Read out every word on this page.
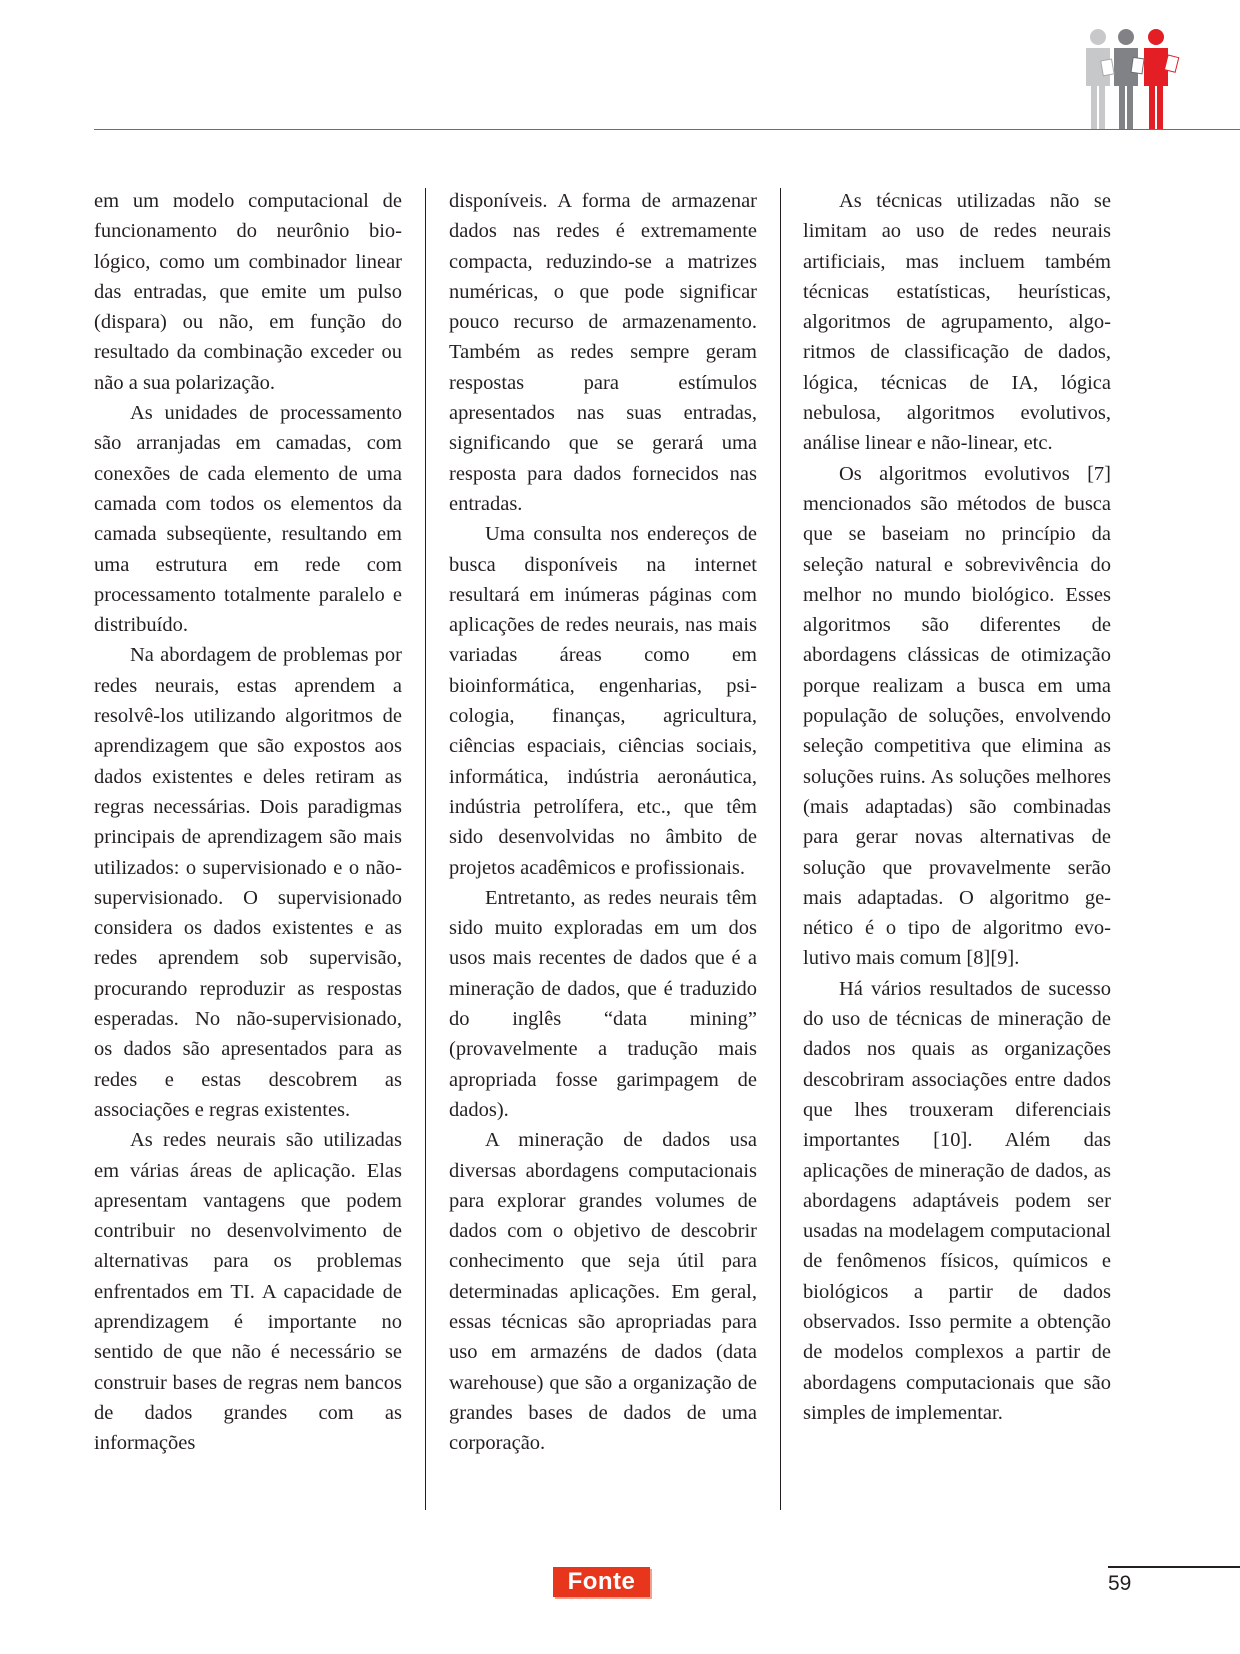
em um modelo computacional de funcionamento do neurônio biológico, como um combinador linear das entradas, que emite um pulso (dispara) ou não, em função do resultado da combinação exceder ou não a sua polarização.

As unidades de processamento são arranjadas em camadas, com conexões de cada elemento de uma camada com todos os elementos da camada subseqüente, resultando em uma estrutura em rede com processamento totalmente paralelo e distribuído.

Na abordagem de problemas por redes neurais, estas aprendem a resolvê-los utilizando algoritmos de aprendizagem que são expostos aos dados existentes e deles retiram as regras necessárias. Dois paradigmas principais de aprendizagem são mais utilizados: o supervisionado e o não-supervisionado. O supervisionado considera os dados existentes e as redes aprendem sob supervisão, procurando reproduzir as respostas esperadas. No não-supervisionado, os dados são apresentados para as redes e estas descobrem as associações e regras existentes.

As redes neurais são utilizadas em várias áreas de aplicação. Elas apresentam vantagens que podem contribuir no desenvolvimento de alternativas para os problemas enfrentados em TI. A capacidade de aprendizagem é importante no sentido de que não é necessário se construir bases de regras nem bancos de dados grandes com as informações

disponíveis. A forma de armazenar dados nas redes é extremamente compacta, reduzindo-se a matrizes numéricas, o que pode significar pouco recurso de armazenamento. Também as redes sempre geram respostas para estímulos apresentados nas suas entradas, significando que se gerará uma resposta para dados fornecidos nas entradas.

Uma consulta nos endereços de busca disponíveis na internet resultará em inúmeras páginas com aplicações de redes neurais, nas mais variadas áreas como em bioinformática, engenharias, psicologia, finanças, agricultura, ciências espaciais, ciências sociais, informática, indústria aeronáutica, indústria petrolífera, etc., que têm sido desenvolvidas no âmbito de projetos acadêmicos e profissionais.

Entretanto, as redes neurais têm sido muito exploradas em um dos usos mais recentes de dados que é a mineração de dados, que é traduzido do inglês “data mining” (provavelmente a tradução mais apropriada fosse garimpagem de dados).

A mineração de dados usa diversas abordagens computacionais para explorar grandes volumes de dados com o objetivo de descobrir conhecimento que seja útil para determinadas aplicações. Em geral, essas técnicas são apropriadas para uso em armazéns de dados (data warehouse) que são a organização de grandes bases de dados de uma corporação.

As técnicas utilizadas não se limitam ao uso de redes neurais artificiais, mas incluem também técnicas estatísticas, heurísticas, algoritmos de agrupamento, algoritmos de classificação de dados, lógica, técnicas de IA, lógica nebulosa, algoritmos evolutivos, análise linear e não-linear, etc.

Os algoritmos evolutivos [7] mencionados são métodos de busca que se baseiam no princípio da seleção natural e sobrevivência do melhor no mundo biológico. Esses algoritmos são diferentes de abordagens clássicas de otimização porque realizam a busca em uma população de soluções, envolvendo seleção competitiva que elimina as soluções ruins. As soluções melhores (mais adaptadas) são combinadas para gerar novas alternativas de solução que provavelmente serão mais adaptadas. O algoritmo genético é o tipo de algoritmo evolutivo mais comum [8][9].

Há vários resultados de sucesso do uso de técnicas de mineração de dados nos quais as organizações descobriram associações entre dados que lhes trouxeram diferenciais importantes [10]. Além das aplicações de mineração de dados, as abordagens adaptáveis podem ser usadas na modelagem computacional de fenômenos físicos, químicos e biológicos a partir de dados observados. Isso permite a obtenção de modelos complexos a partir de abordagens computacionais que são simples de implementar.

Fonte	59
